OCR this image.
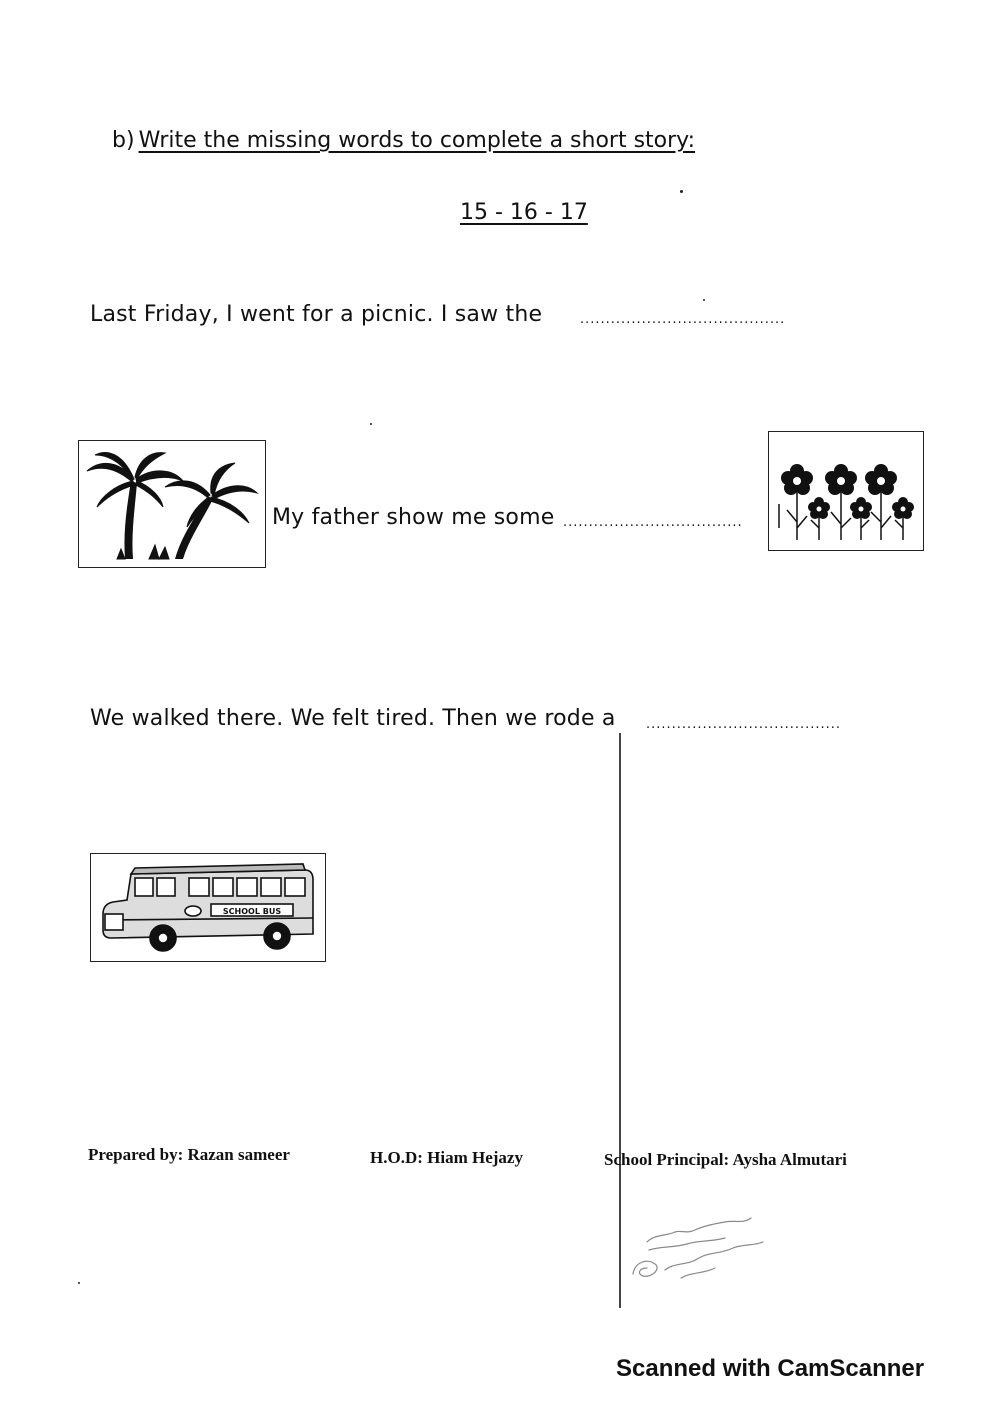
b) Write the missing words to complete a short story:
15 - 16 - 17
Last Friday, I went for a picnic. I saw the	........................................
My father show me some ...................................
We walked there. We felt tired. Then we rode a ......................................
SCHOOL BUS
Prepared by: Razan sameer	H.O.D: Hiam Hejazy	School Principal: Aysha Almutari
Scanned with CamScanner
